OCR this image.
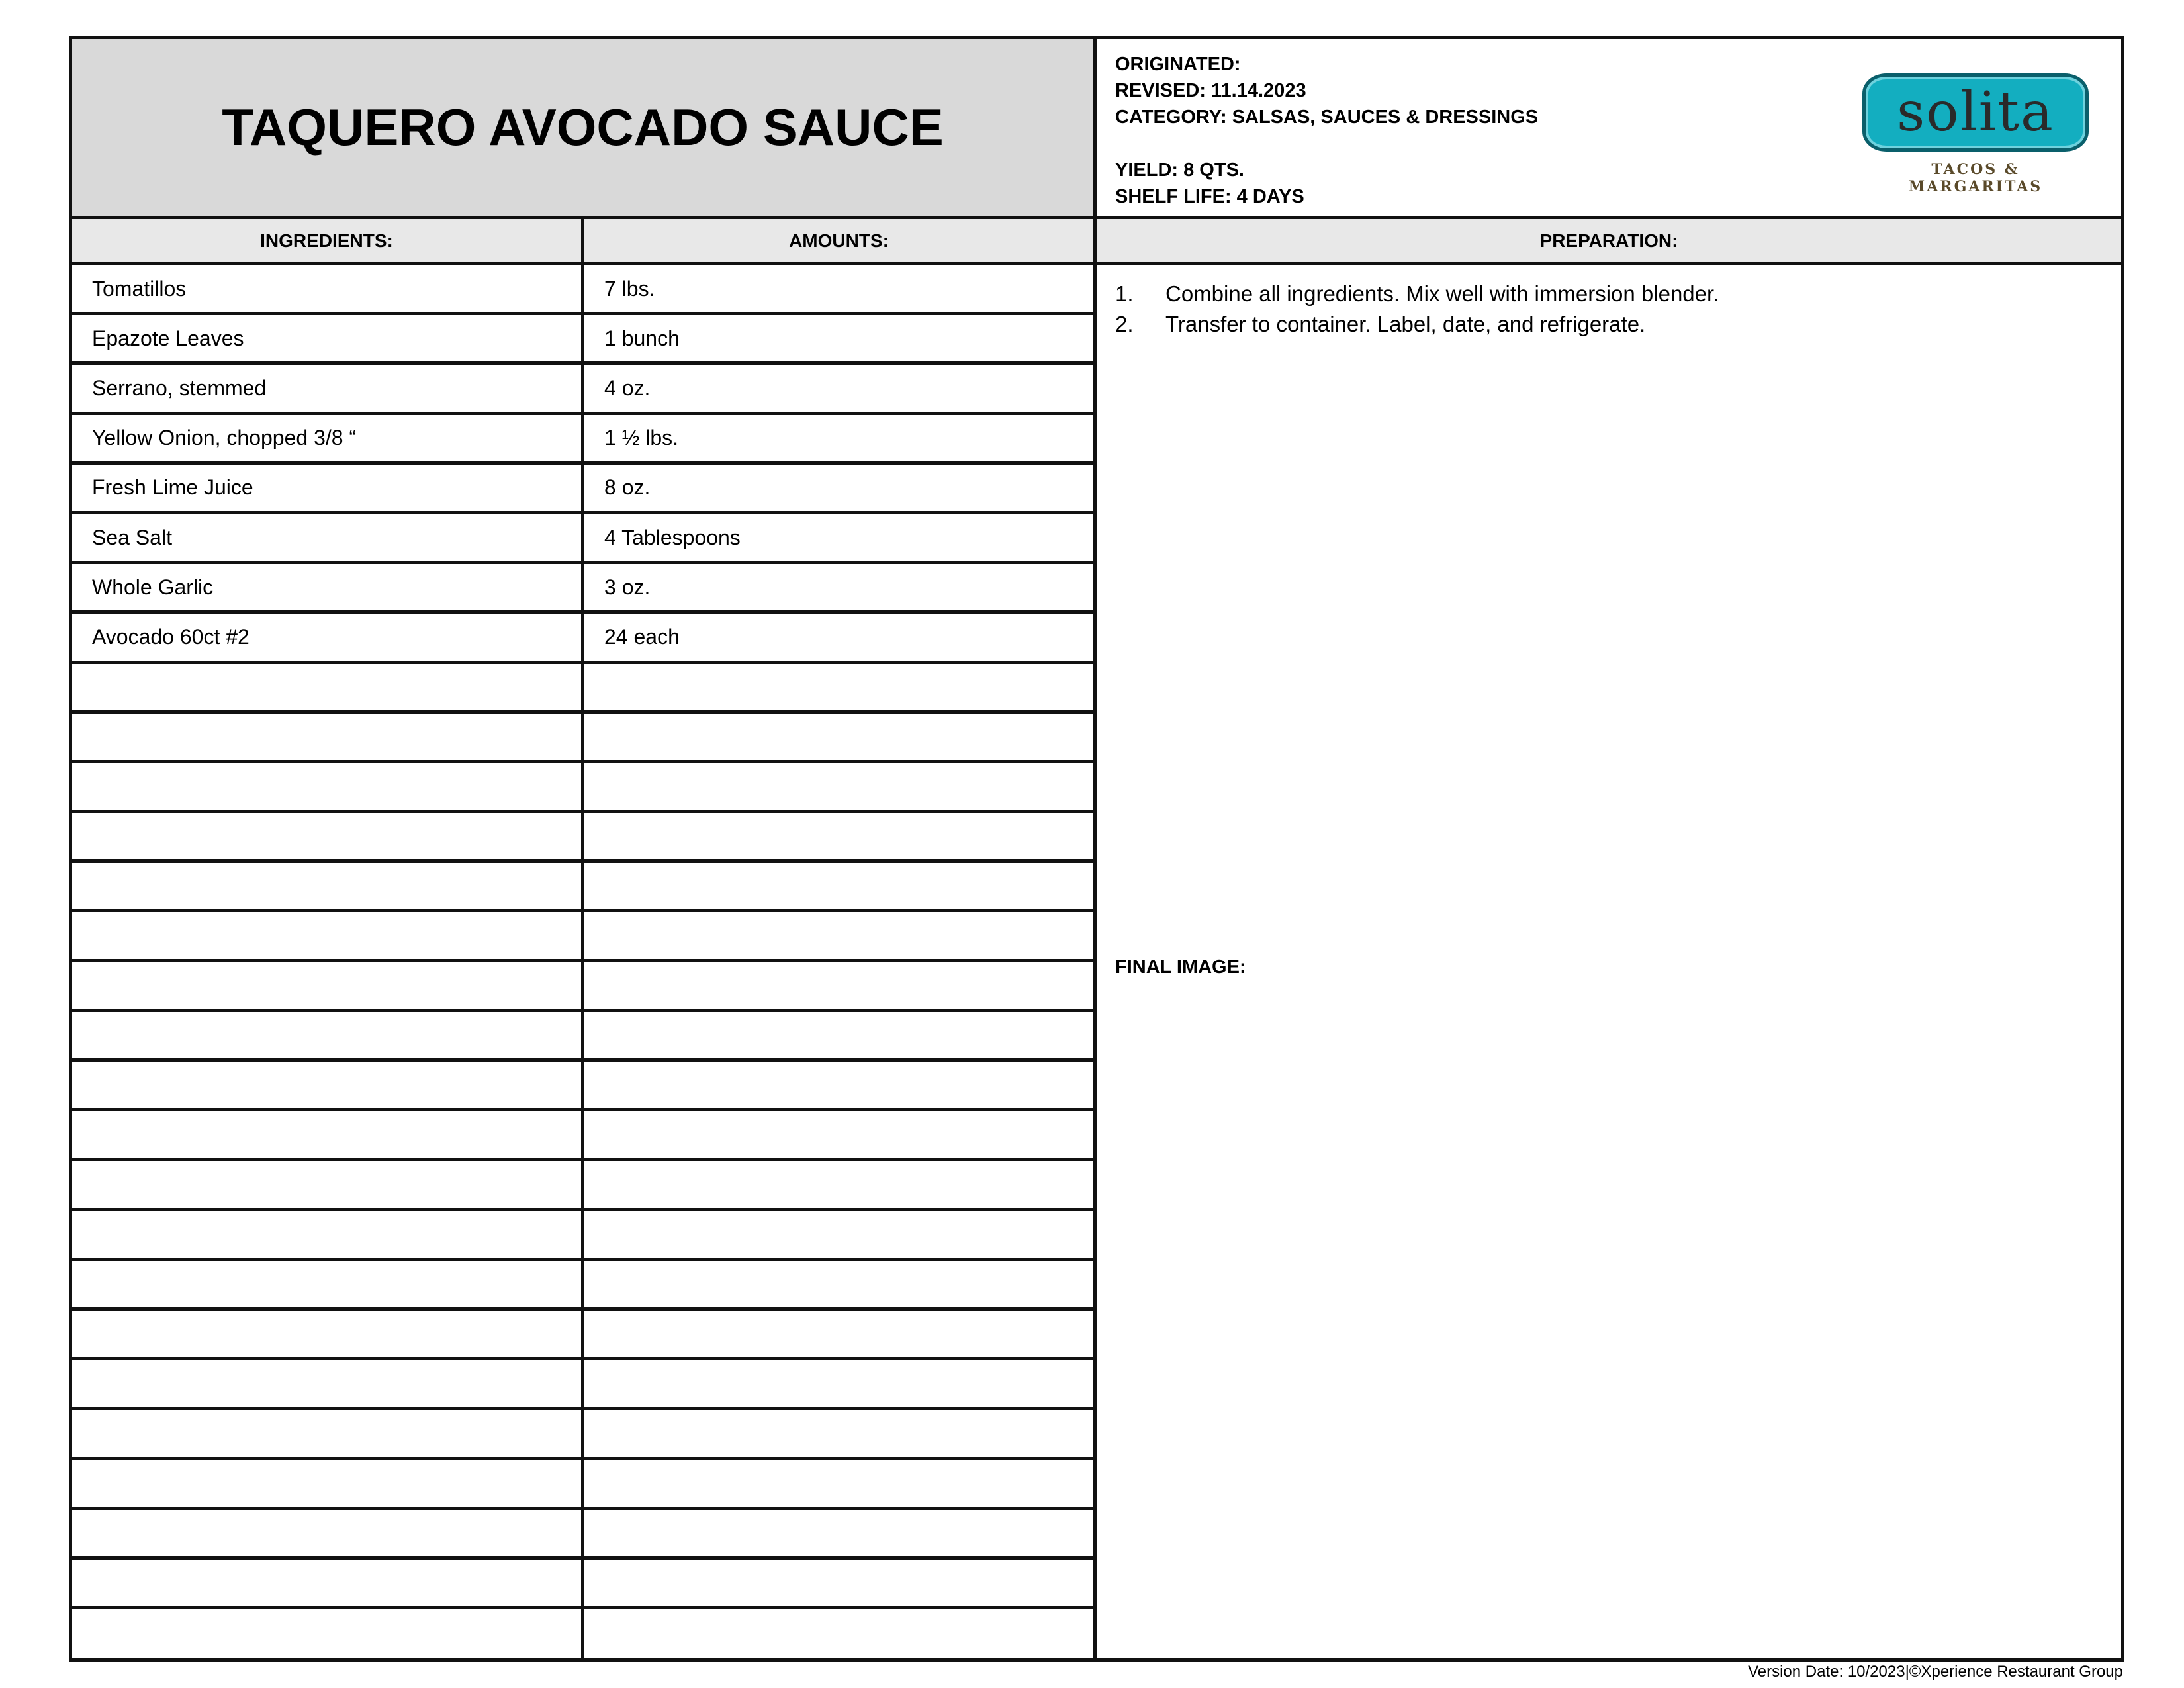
TAQUERO AVOCADO SAUCE
ORIGINATED:
REVISED: 11.14.2023
CATEGORY: SALSAS, SAUCES & DRESSINGS
YIELD: 8 QTS.
SHELF LIFE: 4 DAYS
solita
TACOS & MARGARITAS
INGREDIENTS:	AMOUNTS:	PREPARATION:
Tomatillos	7 lbs.
Epazote Leaves	1 bunch
Serrano, stemmed	4 oz.
Yellow Onion, chopped 3/8 “	1 ½ lbs.
Fresh Lime Juice	8 oz.
Sea Salt	4 Tablespoons
Whole Garlic	3 oz.
Avocado 60ct #2	24 each
1.	Combine all ingredients. Mix well with immersion blender.
2.	Transfer to container. Label, date, and refrigerate.
FINAL IMAGE:
Version Date: 10/2023|©Xperience Restaurant Group
